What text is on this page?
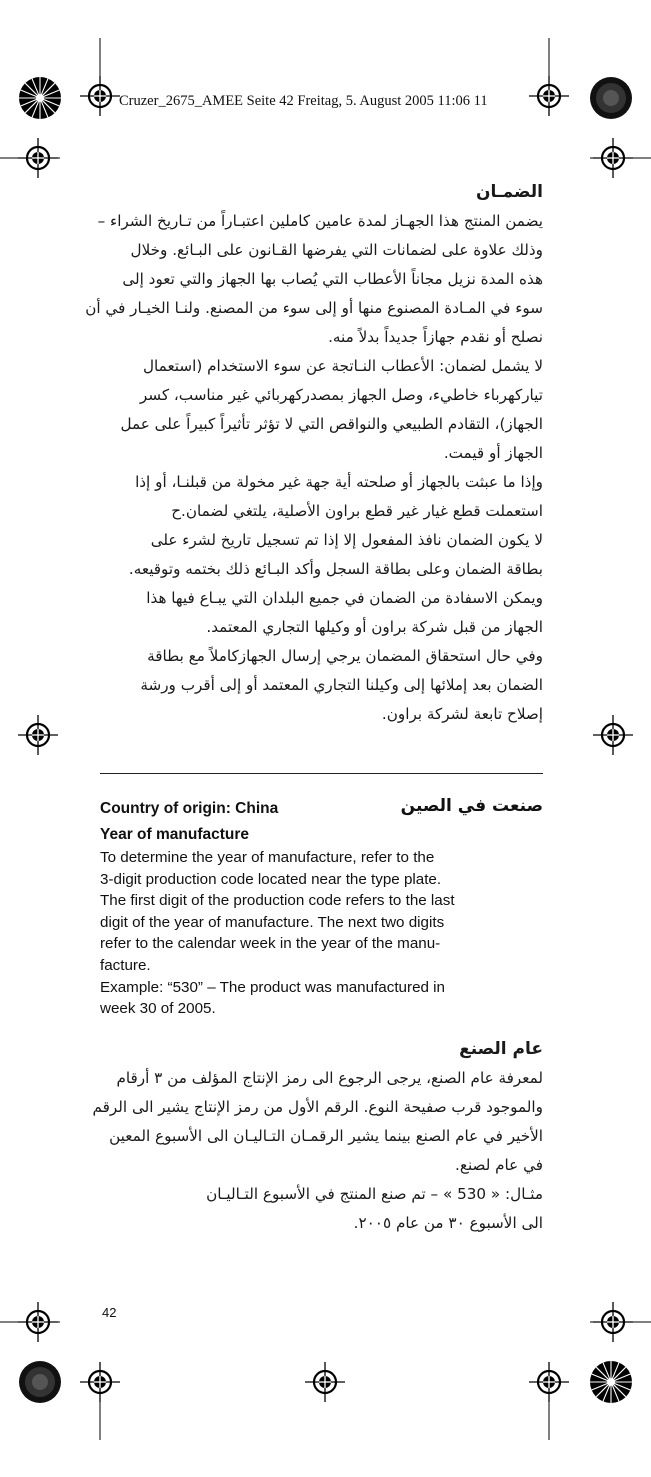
Cruzer_2675_AMEE Seite 42 Freitag, 5. August 2005 11:06 11
الضمـان
يضمن المنتج هذا الجهـاز لمدة عامين كاملين اعتبـاراً من تـاريخ الشراء –
وذلك علاوة على لضمانات التي يفرضها القـانون على البـائع. وخلال
هذه المدة نزيل مجاناً الأعطاب التي يُصاب بها الجهاز والتي تعود إلى
سوء في المـادة المصنوع منها أو إلى سوء من المصنع. ولنـا الخيـار في أن
نصلح أو نقدم جهازاً جديداً بدلاً منه.
لا يشمل لضمان: الأعطاب النـاتجة عن سوء الاستخدام (استعمال
تياركهرباء خاطيء، وصل الجهاز بمصدركهربائي غير مناسب، كسر
الجهاز)، التقادم الطبيعي والنواقص التي لا تؤثر تأثيراً كبيراً على عمل
الجهاز أو قيمت.
وإذا ما عبثت بالجهاز أو صلحته أية جهة غير مخولة من قبلنـا، أو إذا
استعملت قطع غيار غير قطع براون الأصلية، يلتغي لضمان.ح
لا يكون الضمان نافذ المفعول إلا إذا تم تسجيل تاريخ لشرء على
بطاقة الضمان وعلى بطاقة السجل وأكد البـائع ذلك بختمه وتوقيعه.
ويمكن الاسفادة من الضمان في جميع البلدان التي يبـاع فيها هذا
الجهاز من قبل شركة براون أو وكيلها التجاري المعتمد.
وفي حال استحقاق المضمان يرجي إرسال الجهازكاملاً مع بطاقة
الضمان بعد إملائها إلى وكيلنا التجاري المعتمد أو إلى أقرب ورشة
إصلاح تابعة لشركة براون.
Country of origin: China	صنعت في الصين
Year of manufacture
To determine the year of manufacture, refer to the
3-digit production code located near the type plate.
The first digit of the production code refers to the last
digit of the year of manufacture. The next two digits
refer to the calendar week in the year of the manu-
facture.
Example: “530” – The product was manufactured in
week 30 of 2005.
عام الصنع
لمعرفة عام الصنع، يرجى الرجوع الى رمز الإنتاج المؤلف من ٣ أرقام
والموجود قرب صفيحة النوع. الرقم الأول من رمز الإنتاج يشير الى الرقم
الأخير في عام الصنع بينما يشير الرقمـان التـاليـان الى الأسبوع المعين
في عام لصنع.
مثـال: « 530 » – تم صنع المنتج في الأسبوع التـاليـان
الى الأسبوع ٣٠ من عام ٢٠٠٥.
42
